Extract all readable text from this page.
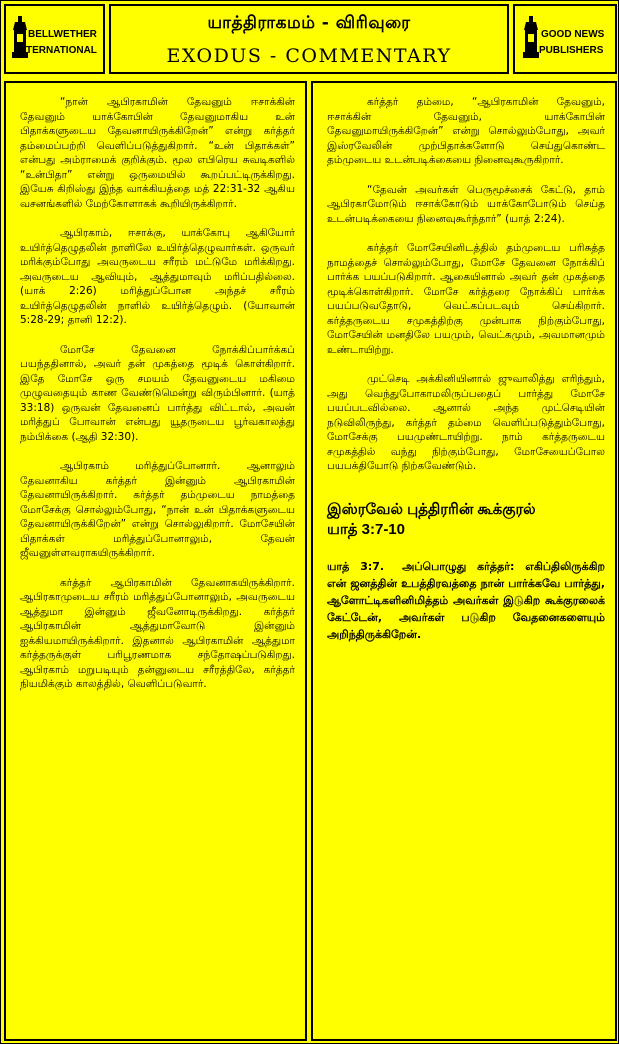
BELLWETHER
INTERNATIONAL
யாத்திராகமம் - விரிவுரை
EXODUS - COMMENTARY
GOOD NEWS
PUBLISHERS

“நான் ஆபிரகாமின் தேவனும் ஈசாக்கின் தேவனும் யாக்கோபின் தேவனுமாகிய உன் பிதாக்களுடைய தேவனாயிருக்கிறேன்” என்று கர்த்தர் தம்மைப்பற்றி வெளிப்படுத்துகிறார். “உன் பிதாக்கள்” என்பது அம்ராமைக் குறிக்கும். மூல எபிரெய சுவடிகளில் “உன்பிதா” என்று ஒருமையில் கூறப்பட்டிருக்கிறது. இயேசு கிறிஸ்து இந்த வாக்கியத்தை மத் 22:31-32 ஆகிய வசனங்களில் மேற்கோளாகக் கூறியிருக்கிறார்.

ஆபிரகாம், ஈசாக்கு, யாக்கோபு ஆகியோர் உயிர்த்தெழுதலின் நாளிலே உயிர்த்தெழுவார்கள். ஒருவர் மரிக்கும்போது அவருடைய சரீரம் மட்டுமே மரிக்கிறது. அவருடைய ஆவியும், ஆத்துமாவும் மரிப்பதில்லை. (யாக் 2:26) மரித்துப்போன அந்தச் சரீரம் உயிர்த்தெழுதலின் நாளில் உயிர்த்தெழும். (யோவான் 5:28-29; தானி 12:2).

மோசே தேவனை நோக்கிப்பார்க்கப் பயந்ததினால், அவர் தன் முகத்தை மூடிக் கொள்கிறார். இதே மோசே ஒரு சமயம் தேவனுடைய மகிமை முழுவதையும் காண வேண்டுமென்று விரும்பினார். (யாத் 33:18) ஒருவன் தேவனைப் பார்த்து விட்டால், அவன் மரித்துப் போவான் என்பது யூதருடைய பூர்வகாலத்து நம்பிக்கை (ஆதி 32:30).

ஆபிரகாம் மரித்துப்போனார். ஆனாலும் தேவனாகிய கர்த்தர் இன்னும் ஆபிரகாமின் தேவனாயிருக்கிறார். கர்த்தர் தம்முடைய நாமத்தை மோசேக்கு சொல்லும்போது, “நான் உன் பிதாக்களுடைய தேவனாயிருக்கிறேன்” என்று சொல்லுகிறார். மோசேயின் பிதாக்கள் மரித்துப்போனாலும், தேவன் ஜீவனுள்ளவராகயிருக்கிறார்.

கர்த்தர் ஆபிரகாமின் தேவனாகயிருக்கிறார். ஆபிரகாமுடைய சரீரம் மரித்துப்போனாலும், அவருடைய ஆத்துமா இன்னும் ஜீவனோடிருக்கிறது. கர்த்தர் ஆபிரகாமின் ஆத்துமாவோடு இன்னும் ஐக்கியமாயிருக்கிறார். இதனால் ஆபிரகாமின் ஆத்துமா கர்த்தருக்குள் பரிபூரணமாக சந்தோஷப்படுகிறது. ஆபிரகாம் மறுபடியும் தன்னுடைய சரீரத்திலே, கர்த்தர் நியமிக்கும் காலத்தில், வெளிப்படுவார்.

கர்த்தர் தம்மை, “ஆபிரகாமின் தேவனும், ஈசாக்கின் தேவனும், யாக்கோபின் தேவனுமாயிருக்கிறேன்” என்று சொல்லும்போது, அவர் இஸ்ரவேலின் முற்பிதாக்களோடு செய்துகொண்ட தம்முடைய உடன்படிக்கையை நினைவுகூருகிறார்.

“தேவன் அவர்கள் பெருமூச்சைக் கேட்டு, தாம் ஆபிரகாமோடும் ஈசாக்கோடும் யாக்கோபோடும் செய்த உடன்படிக்கையை நினைவுகூர்ந்தார்” (யாத் 2:24).

கர்த்தர் மோசேயினிடத்தில் தம்முடைய பரிசுத்த நாமத்தைச் சொல்லும்போது, மோசே தேவனை நோக்கிப் பார்க்க பயப்படுகிறார். ஆகையினால் அவர் தன் முகத்தை மூடிக்கொள்கிறார். மோசே கர்த்தரை நோக்கிப் பார்க்க பயப்படுவதோடு, வெட்கப்படவும் செய்கிறார். கர்த்தருடைய சமுகத்திற்கு முன்பாக நிற்கும்போது, மோசேயின் மனதிலே பயமும், வெட்கமும், அவமானமும் உண்டாயிற்று.

முட்செடி அக்கினியினால் ஜுவாலித்து எரிந்தும், அது வெந்துபோகாமலிருப்பதைப் பார்த்து மோசே பயப்படவில்லை. ஆனால் அந்த முட்செடியின் நடுவிலிருந்து, கர்த்தர் தம்மை வெளிப்படுத்தும்போது, மோசேக்கு பயமுண்டாயிற்று. நாம் கர்த்தருடைய சமுகத்தில் வந்து நிற்கும்போது, மோசேயைப்போல பயபக்தியோடு நிற்கவேண்டும்.

இஸ்ரவேல் புத்திரரின் கூக்குரல்
யாத் 3:7-10
யாத் 3:7. அப்பொழுது கர்த்தர்: எகிப்திலிருக்கிற என் ஜனத்தின் உபத்திரவத்தை நான் பார்க்கவே பார்த்து, ஆளோட்டிகளினிமித்தம் அவர்கள் இடுகிற கூக்குரலைக் கேட்டேன், அவர்கள் படுகிற வேதனைகளையும் அறிந்திருக்கிறேன்.
